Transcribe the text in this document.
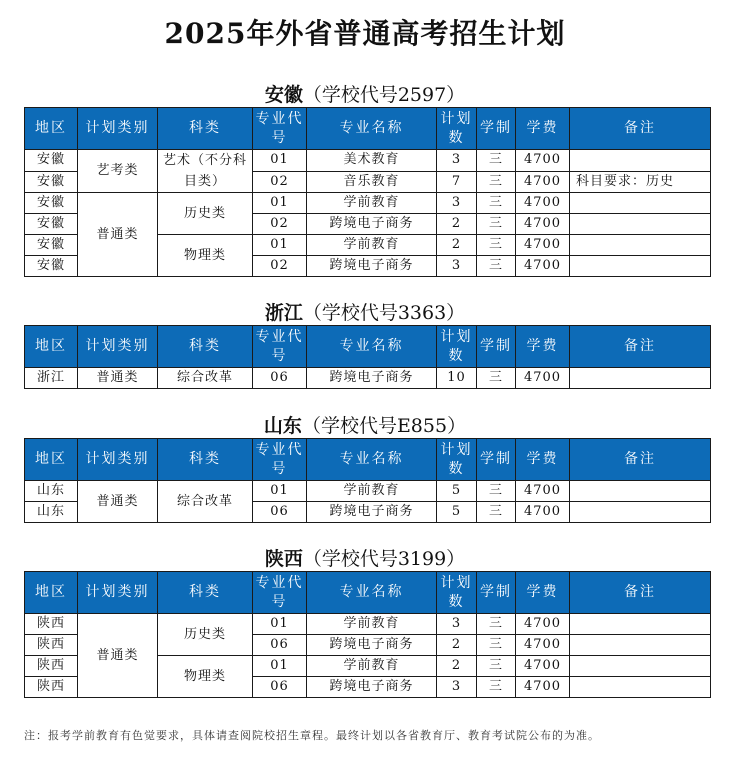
2025年外省普通高考招生计划
安徽（学校代号2597）
地区	计划类别	科类	专业代号	专业名称	计划数	学制	学费	备注
安徽	艺考类	艺术（不分科目类）	01	美术教育	3	三	4700	
安徽			02	音乐教育	7	三	4700	科目要求：历史
安徽	普通类	历史类	01	学前教育	3	三	4700	
安徽			02	跨境电子商务	2	三	4700	
安徽		物理类	01	学前教育	2	三	4700	
安徽			02	跨境电子商务	3	三	4700	
浙江（学校代号3363）
地区	计划类别	科类	专业代号	专业名称	计划数	学制	学费	备注
浙江	普通类	综合改革	06	跨境电子商务	10	三	4700	
山东（学校代号E855）
地区	计划类别	科类	专业代号	专业名称	计划数	学制	学费	备注
山东	普通类	综合改革	01	学前教育	5	三	4700	
山东			06	跨境电子商务	5	三	4700	
陕西（学校代号3199）
地区	计划类别	科类	专业代号	专业名称	计划数	学制	学费	备注
陕西	普通类	历史类	01	学前教育	3	三	4700	
陕西			06	跨境电子商务	2	三	4700	
陕西		物理类	01	学前教育	2	三	4700	
陕西			06	跨境电子商务	3	三	4700	
注：报考学前教育有色觉要求，具体请查阅院校招生章程。最终计划以各省教育厅、教育考试院公布的为准。
